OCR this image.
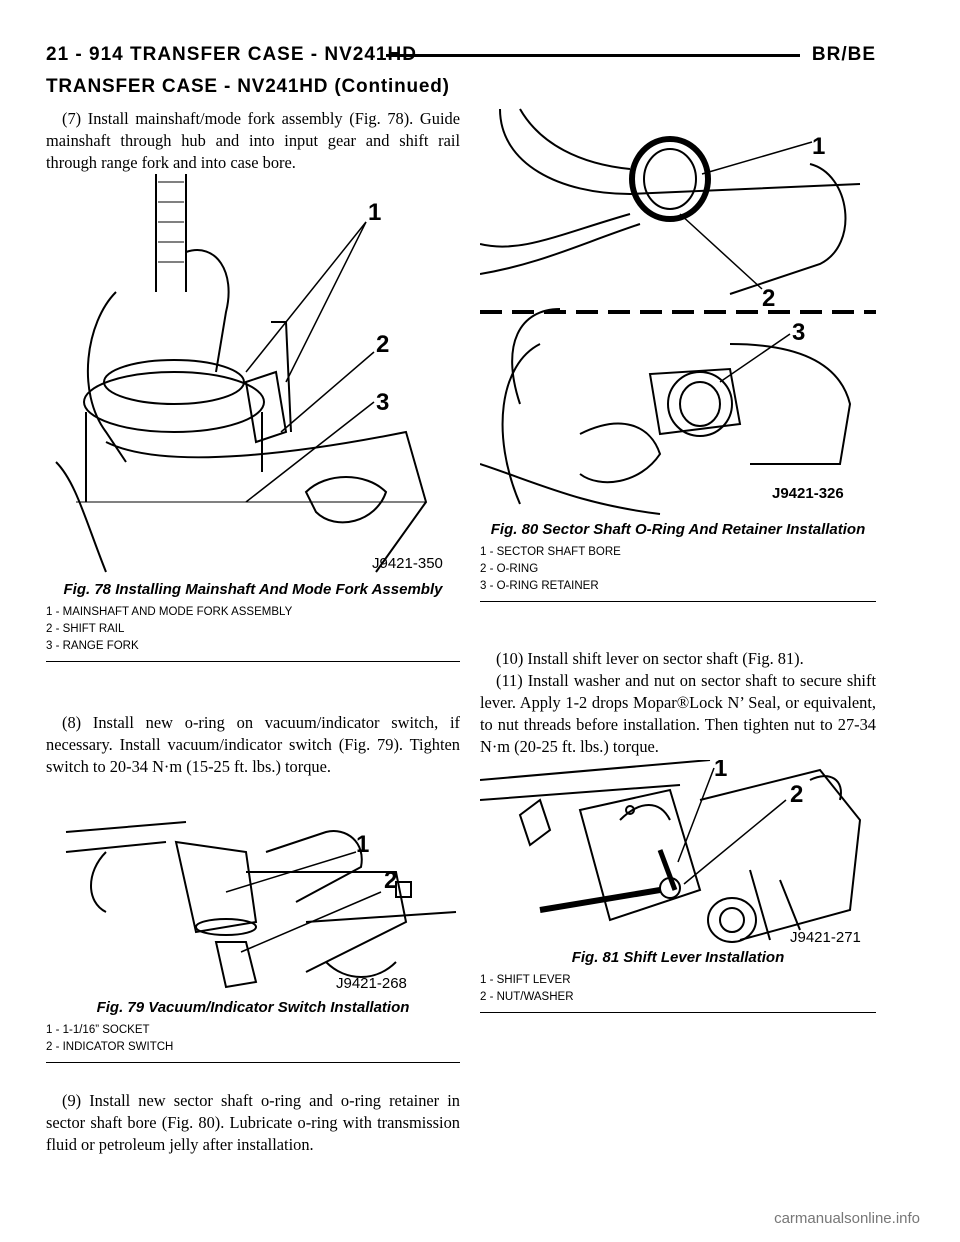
21 - 914 TRANSFER CASE - NV241HD	BR/BE
TRANSFER CASE - NV241HD (Continued)

(7) Install mainshaft/mode fork assembly (Fig. 78). Guide mainshaft through hub and into input gear and shift rail through range fork and into case bore.

1
2
3
J9421-350
Fig. 78 Installing Mainshaft And Mode Fork Assembly
1 - MAINSHAFT AND MODE FORK ASSEMBLY
2 - SHIFT RAIL
3 - RANGE FORK

(8) Install new o-ring on vacuum/indicator switch, if necessary. Install vacuum/indicator switch (Fig. 79). Tighten switch to 20-34 N·m (15-25 ft. lbs.) torque.

1
2
J9421-268
Fig. 79 Vacuum/Indicator Switch Installation
1 - 1-1/16” SOCKET
2 - INDICATOR SWITCH

(9) Install new sector shaft o-ring and o-ring retainer in sector shaft bore (Fig. 80). Lubricate o-ring with transmission fluid or petroleum jelly after installation.

1
2
3
J9421-326
Fig. 80 Sector Shaft O-Ring And Retainer Installation
1 - SECTOR SHAFT BORE
2 - O-RING
3 - O-RING RETAINER

(10) Install shift lever on sector shaft (Fig. 81).

(11) Install washer and nut on sector shaft to secure shift lever. Apply 1-2 drops Mopar®Lock N’ Seal, or equivalent, to nut threads before installation. Then tighten nut to 27-34 N·m (20-25 ft. lbs.) torque.

1
2
J9421-271
Fig. 81 Shift Lever Installation
1 - SHIFT LEVER
2 - NUT/WASHER
carmanualsonline.info
